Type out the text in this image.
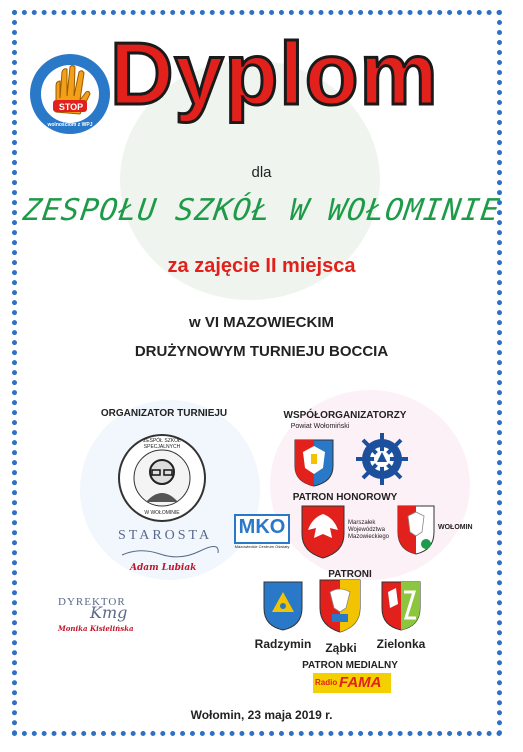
STOP
wolnościom z WPJ
Dyplom
dla
ZESPOŁU SZKÓŁ W WOŁOMINIE
za zajęcie II miejsca
w VI MAZOWIECKIM
DRUŻYNOWYM TURNIEJU BOCCIA
ORGANIZATOR TURNIEJU
ZESPÓŁ SZKÓŁ SPECJALNYCH
W WOŁOMINIE
STAROSTA
Adam Lubiak
DYREKTOR
Kmg
Monika Kisielińska
WSPÓŁORGANIZATORZY
Powiat Wołomiński
PATRON HONOROWY
MKO
Mazowieckie Centrum Oświaty
Marszałek Województwa Mazowieckiego
WOŁOMIN
PATRONI
Radzymin	Ząbki	Zielonka
PATRON MEDIALNY
Radio FAMA
Wołomin, 23 maja 2019 r.
